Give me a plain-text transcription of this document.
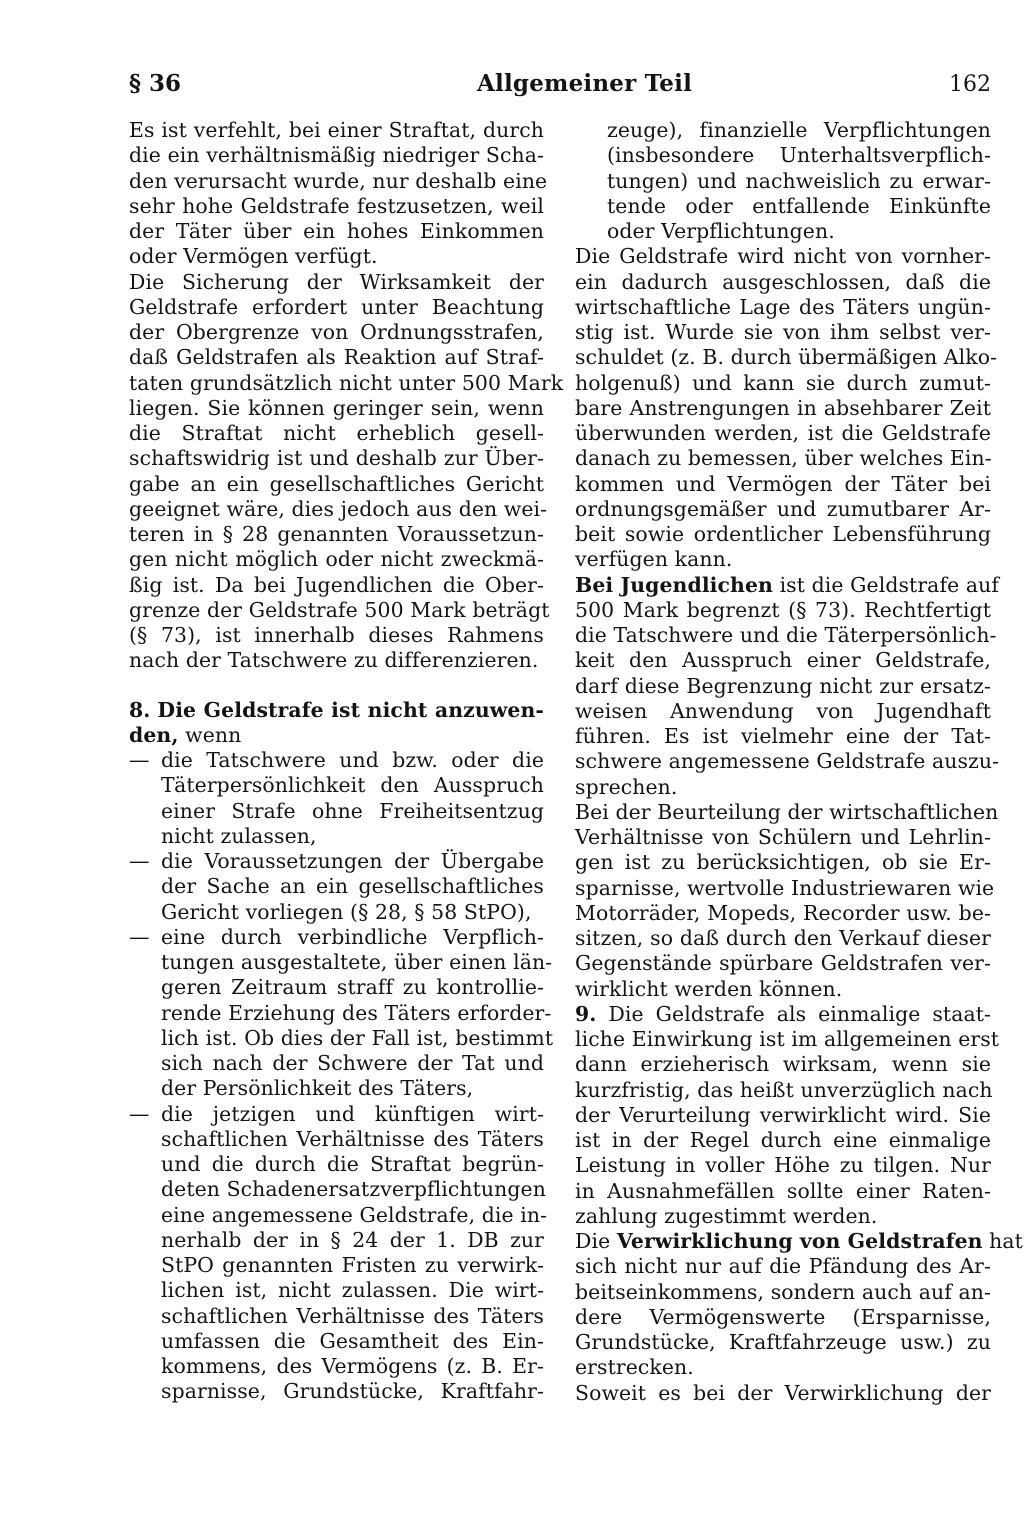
§ 36	Allgemeiner Teil	162
Es ist verfehlt, bei einer Straftat, durch
die ein verhältnismäßig niedriger Scha-
den verursacht wurde, nur deshalb eine
sehr hohe Geldstrafe festzusetzen, weil
der Täter über ein hohes Einkommen
oder Vermögen verfügt.
Die Sicherung der Wirksamkeit der
Geldstrafe erfordert unter Beachtung
der Obergrenze von Ordnungsstrafen,
daß Geldstrafen als Reaktion auf Straf-
taten grundsätzlich nicht unter 500 Mark
liegen. Sie können geringer sein, wenn
die Straftat nicht erheblich gesell-
schaftswidrig ist und deshalb zur Über-
gabe an ein gesellschaftliches Gericht
geeignet wäre, dies jedoch aus den wei-
teren in § 28 genannten Voraussetzun-
gen nicht möglich oder nicht zweckmä-
ßig ist. Da bei Jugendlichen die Ober-
grenze der Geldstrafe 500 Mark beträgt
(§ 73), ist innerhalb dieses Rahmens
nach der Tatschwere zu differenzieren.
8. Die Geldstrafe ist nicht anzuwen-
den, wenn
— die Tatschwere und bzw. oder die
Täterpersönlichkeit den Ausspruch
einer Strafe ohne Freiheitsentzug
nicht zulassen,
— die Voraussetzungen der Übergabe
der Sache an ein gesellschaftliches
Gericht vorliegen (§ 28, § 58 StPO),
— eine durch verbindliche Verpflich-
tungen ausgestaltete, über einen län-
geren Zeitraum straff zu kontrollie-
rende Erziehung des Täters erforder-
lich ist. Ob dies der Fall ist, bestimmt
sich nach der Schwere der Tat und
der Persönlichkeit des Täters,
— die jetzigen und künftigen wirt-
schaftlichen Verhältnisse des Täters
und die durch die Straftat begrün-
deten Schadenersatzverpflichtungen
eine angemessene Geldstrafe, die in-
nerhalb der in § 24 der 1. DB zur
StPO genannten Fristen zu verwirk-
lichen ist, nicht zulassen. Die wirt-
schaftlichen Verhältnisse des Täters
umfassen die Gesamtheit des Ein-
kommens, des Vermögens (z. B. Er-
sparnisse, Grundstücke, Kraftfahr-
zeuge), finanzielle Verpflichtungen
(insbesondere Unterhaltsverpflich-
tungen) und nachweislich zu erwar-
tende oder entfallende Einkünfte
oder Verpflichtungen.
Die Geldstrafe wird nicht von vornher-
ein dadurch ausgeschlossen, daß die
wirtschaftliche Lage des Täters ungün-
stig ist. Wurde sie von ihm selbst ver-
schuldet (z. B. durch übermäßigen Alko-
holgenuß) und kann sie durch zumut-
bare Anstrengungen in absehbarer Zeit
überwunden werden, ist die Geldstrafe
danach zu bemessen, über welches Ein-
kommen und Vermögen der Täter bei
ordnungsgemäßer und zumutbarer Ar-
beit sowie ordentlicher Lebensführung
verfügen kann.
Bei Jugendlichen ist die Geldstrafe auf
500 Mark begrenzt (§ 73). Rechtfertigt
die Tatschwere und die Täterpersönlich-
keit den Ausspruch einer Geldstrafe,
darf diese Begrenzung nicht zur ersatz-
weisen Anwendung von Jugendhaft
führen. Es ist vielmehr eine der Tat-
schwere angemessene Geldstrafe auszu-
sprechen.
Bei der Beurteilung der wirtschaftlichen
Verhältnisse von Schülern und Lehrlin-
gen ist zu berücksichtigen, ob sie Er-
sparnisse, wertvolle Industriewaren wie
Motorräder, Mopeds, Recorder usw. be-
sitzen, so daß durch den Verkauf dieser
Gegenstände spürbare Geldstrafen ver-
wirklicht werden können.
9. Die Geldstrafe als einmalige staat-
liche Einwirkung ist im allgemeinen erst
dann erzieherisch wirksam, wenn sie
kurzfristig, das heißt unverzüglich nach
der Verurteilung verwirklicht wird. Sie
ist in der Regel durch eine einmalige
Leistung in voller Höhe zu tilgen. Nur
in Ausnahmefällen sollte einer Raten-
zahlung zugestimmt werden.
Die Verwirklichung von Geldstrafen hat
sich nicht nur auf die Pfändung des Ar-
beitseinkommens, sondern auch auf an-
dere Vermögenswerte (Ersparnisse,
Grundstücke, Kraftfahrzeuge usw.) zu
erstrecken.
Soweit es bei der Verwirklichung der
